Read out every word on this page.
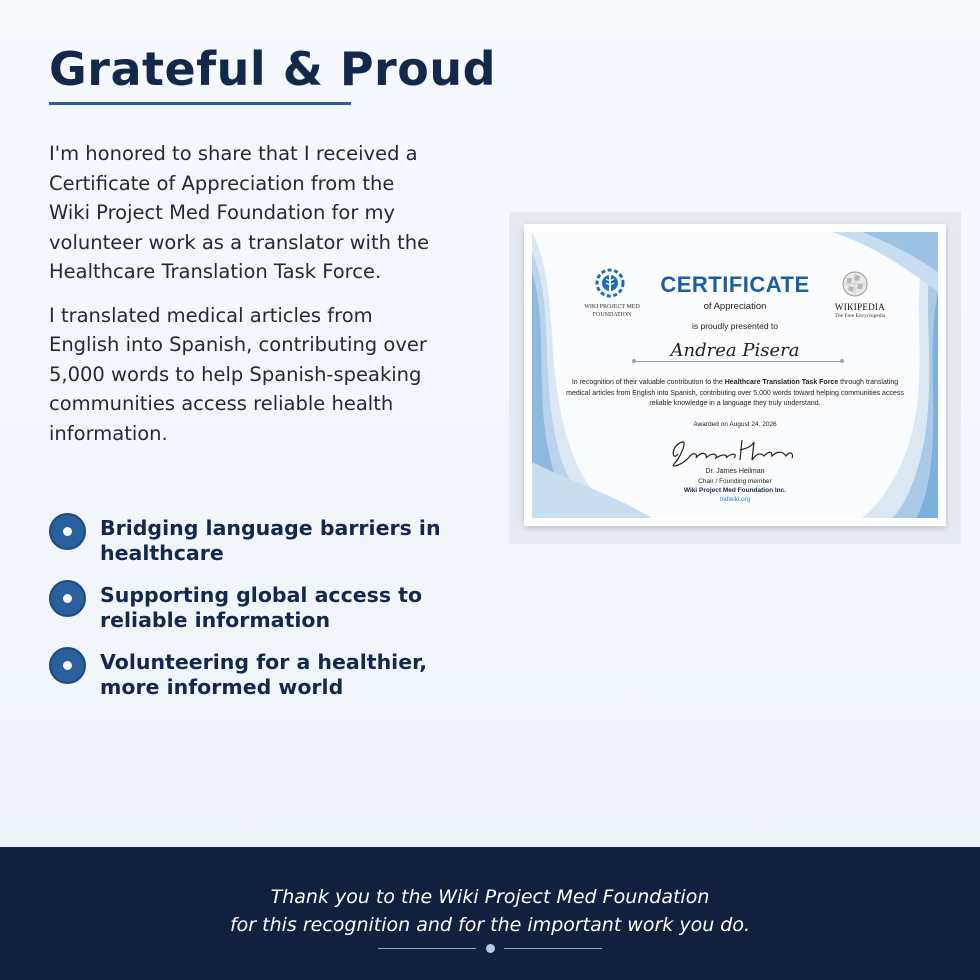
Grateful & Proud

I'm honored to share that I received a Certificate of Appreciation from the Wiki Project Med Foundation for my volunteer work as a translator with the Healthcare Translation Task Force.

I translated medical articles from English into Spanish, contributing over 5,000 words to help Spanish-speaking communities access reliable health information.

Bridging language barriers in healthcare
Supporting global access to reliable information
Volunteering for a healthier, more informed world
WIKI PROJECT MED FOUNDATION
WIKIPEDIA
The Free Encyclopedia
CERTIFICATE
of Appreciation
is proudly presented to
Andrea Pisera
In recognition of their valuable contribution to the Healthcare Translation Task Force through translating medical articles from English into Spanish, contributing over 5,000 words toward helping communities access reliable knowledge in a language they truly understand.
Awarded on August 24, 2026
Dr. James Heilman
Chair / Founding member
Wiki Project Med Foundation Inc.
mdwiki.org
Thank you to the Wiki Project Med Foundation
for this recognition and for the important work you do.
